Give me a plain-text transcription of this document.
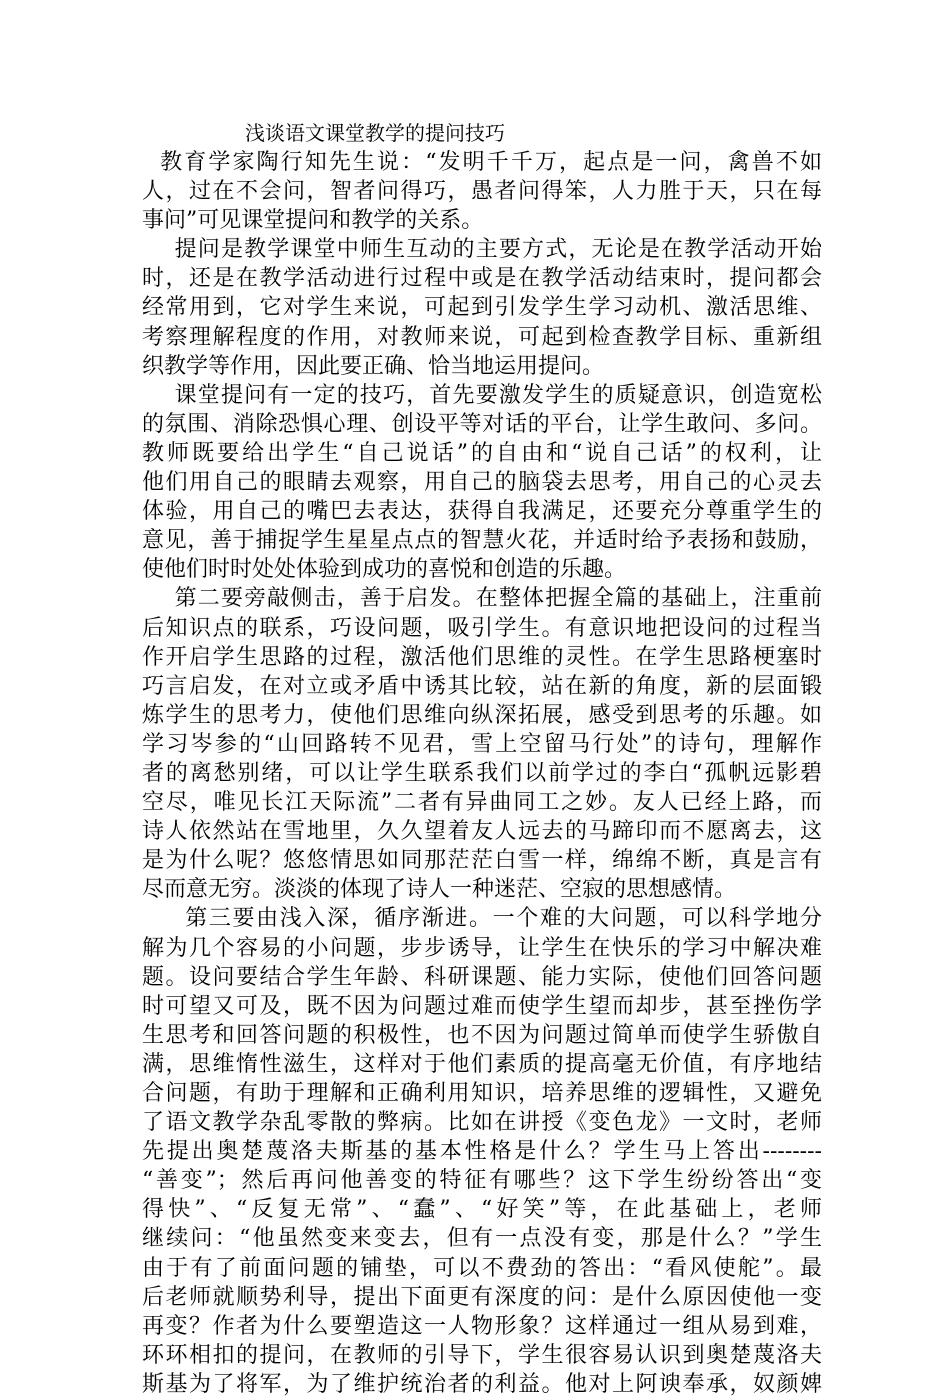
浅谈语文课堂教学的提问技巧
教育学家陶行知先生说：“发明千千万，起点是一问，禽兽不如
人，过在不会问，智者问得巧，愚者问得笨，人力胜于天，只在每
事问”可见课堂提问和教学的关系。
提问是教学课堂中师生互动的主要方式，无论是在教学活动开始
时，还是在教学活动进行过程中或是在教学活动结束时，提问都会
经常用到，它对学生来说，可起到引发学生学习动机、激活思维、
考察理解程度的作用，对教师来说，可起到检查教学目标、重新组
织教学等作用，因此要正确、恰当地运用提问。
课堂提问有一定的技巧，首先要激发学生的质疑意识，创造宽松
的氛围、消除恐惧心理、创设平等对话的平台，让学生敢问、多问。
教师既要给出学生“自己说话”的自由和“说自己话”的权利，让
他们用自己的眼睛去观察，用自己的脑袋去思考，用自己的心灵去
体验，用自己的嘴巴去表达，获得自我满足，还要充分尊重学生的
意见，善于捕捉学生星星点点的智慧火花，并适时给予表扬和鼓励，
使他们时时处处体验到成功的喜悦和创造的乐趣。
第二要旁敲侧击，善于启发。在整体把握全篇的基础上，注重前
后知识点的联系，巧设问题，吸引学生。有意识地把设问的过程当
作开启学生思路的过程，激活他们思维的灵性。在学生思路梗塞时
巧言启发，在对立或矛盾中诱其比较，站在新的角度，新的层面锻
炼学生的思考力，使他们思维向纵深拓展，感受到思考的乐趣。如
学习岑参的“山回路转不见君，雪上空留马行处”的诗句，理解作
者的离愁别绪，可以让学生联系我们以前学过的李白“孤帆远影碧
空尽，唯见长江天际流”二者有异曲同工之妙。友人已经上路，而
诗人依然站在雪地里，久久望着友人远去的马蹄印而不愿离去，这
是为什么呢？悠悠情思如同那茫茫白雪一样，绵绵不断，真是言有
尽而意无穷。淡淡的体现了诗人一种迷茫、空寂的思想感情。
第三要由浅入深，循序渐进。一个难的大问题，可以科学地分
解为几个容易的小问题，步步诱导，让学生在快乐的学习中解决难
题。设问要结合学生年龄、科研课题、能力实际，使他们回答问题
时可望又可及，既不因为问题过难而使学生望而却步，甚至挫伤学
生思考和回答问题的积极性，也不因为问题过简单而使学生骄傲自
满，思维惰性滋生，这样对于他们素质的提高毫无价值，有序地结
合问题，有助于理解和正确利用知识，培养思维的逻辑性，又避免
了语文教学杂乱零散的弊病。比如在讲授《变色龙》一文时，老师
先提出奥楚蔑洛夫斯基的基本性格是什么？学生马上答出--------
“善变”；然后再问他善变的特征有哪些？这下学生纷纷答出“变
得快”、“反复无常”、“蠢”、“好笑”等，在此基础上，老师
继续问：“他虽然变来变去，但有一点没有变，那是什么？”学生
由于有了前面问题的铺垫，可以不费劲的答出：“看风使舵”。最
后老师就顺势利导，提出下面更有深度的问：是什么原因使他一变
再变？作者为什么要塑造这一人物形象？这样通过一组从易到难，
环环相扣的提问，在教师的引导下，学生很容易认识到奥楚蔑洛夫
斯基为了将军，为了维护统治者的利益。他对上阿谀奉承，奴颜婢
